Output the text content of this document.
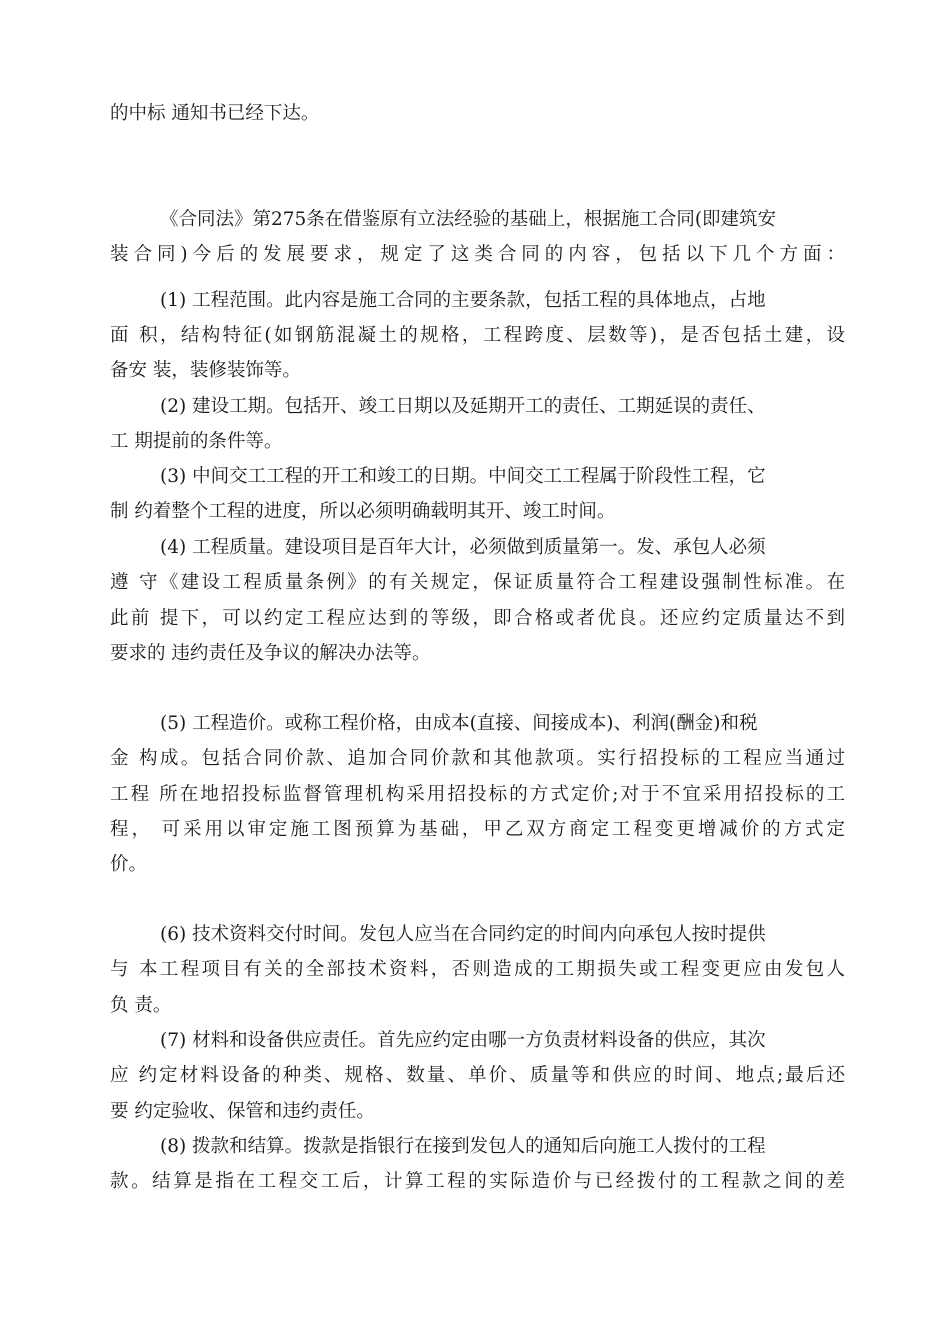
的中标 通知书已经下达。
《合同法》第275条在借鉴原有立法经验的基础上，根据施工合同(即建筑安
装合同)今后的发展要求，规定了这类合同的内容，包括以下几个方面：
(1) 工程范围。此内容是施工合同的主要条款，包括工程的具体地点，占地
面 积，结构特征(如钢筋混凝土的规格，工程跨度、层数等)，是否包括土建，设
备安 装，装修装饰等。
(2) 建设工期。包括开、竣工日期以及延期开工的责任、工期延误的责任、
工 期提前的条件等。
(3) 中间交工工程的开工和竣工的日期。中间交工工程属于阶段性工程，它
制 约着整个工程的进度，所以必须明确载明其开、竣工时间。
(4) 工程质量。建设项目是百年大计，必须做到质量第一。发、承包人必须
遵 守《建设工程质量条例》的有关规定，保证质量符合工程建设强制性标准。在
此前 提下，可以约定工程应达到的等级，即合格或者优良。还应约定质量达不到
要求的 违约责任及争议的解决办法等。
(5) 工程造价。或称工程价格，由成本(直接、间接成本)、利润(酬金)和税
金 构成。包括合同价款、追加合同价款和其他款项。实行招投标的工程应当通过
工程 所在地招投标监督管理机构采用招投标的方式定价;对于不宜采用招投标的工
程， 可采用以审定施工图预算为基础，甲乙双方商定工程变更增减价的方式定
价。
(6) 技术资料交付时间。发包人应当在合同约定的时间内向承包人按时提供
与 本工程项目有关的全部技术资料，否则造成的工期损失或工程变更应由发包人
负 责。
(7) 材料和设备供应责任。首先应约定由哪一方负责材料设备的供应，其次
应 约定材料设备的种类、规格、数量、单价、质量等和供应的时间、地点;最后还
要 约定验收、保管和违约责任。
(8) 拨款和结算。拨款是指银行在接到发包人的通知后向施工人拨付的工程
款。结算是指在工程交工后，计算工程的实际造价与已经拨付的工程款之间的差
